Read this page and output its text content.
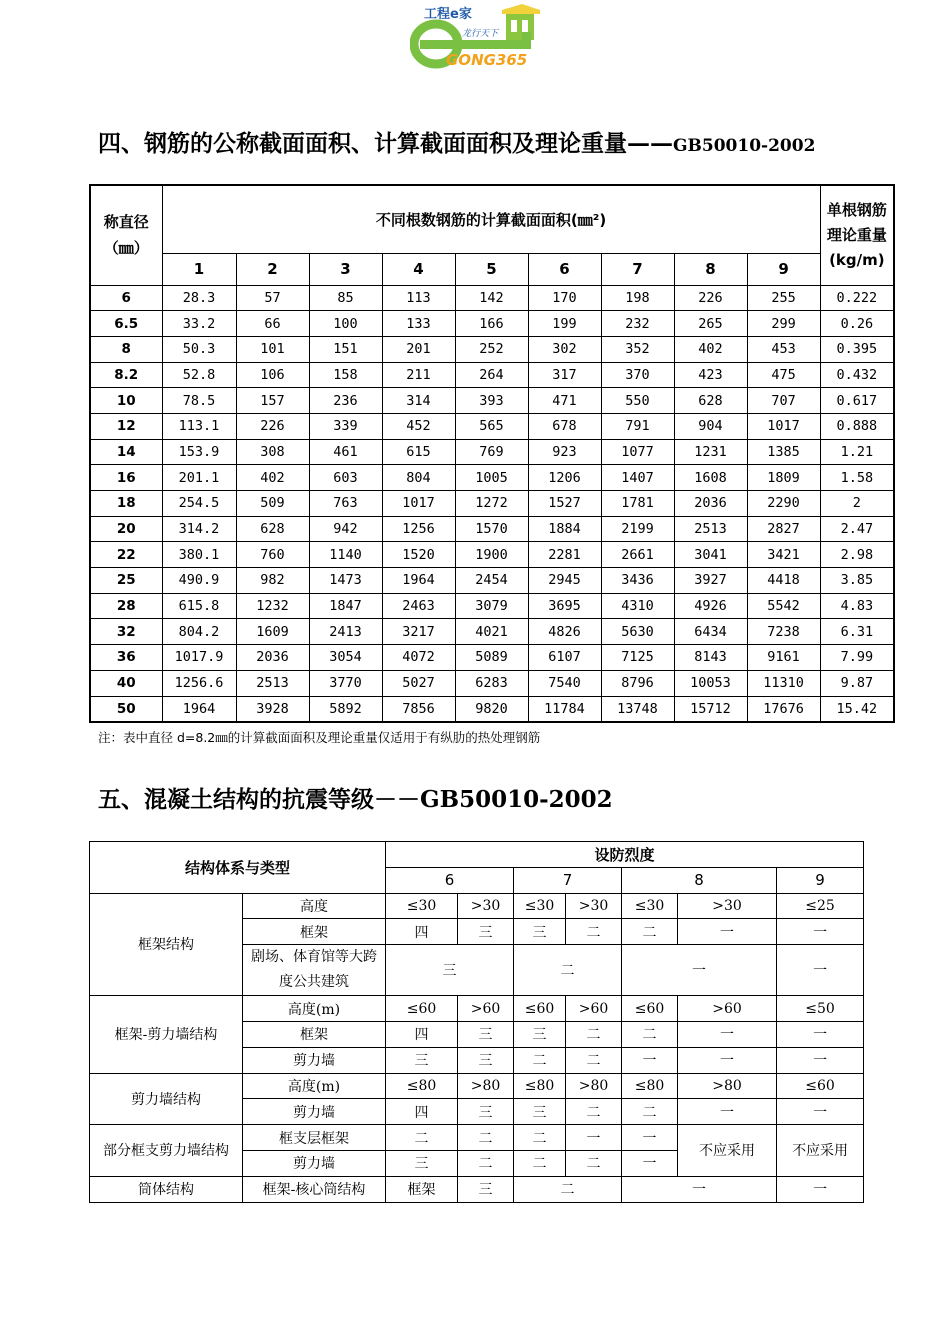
工程e家
龙行天下
GONG365
四、钢筋的公称截面面积、计算截面面积及理论重量——GB50010-2002
称直径（㎜）	不同根数钢筋的计算截面面积(㎜²)									单根钢筋理论重量(kg/m)
	1	2	3	4	5	6	7	8	9	
6	28.3	57	85	113	142	170	198	226	255	0.222
6.5	33.2	66	100	133	166	199	232	265	299	0.26
8	50.3	101	151	201	252	302	352	402	453	0.395
8.2	52.8	106	158	211	264	317	370	423	475	0.432
10	78.5	157	236	314	393	471	550	628	707	0.617
12	113.1	226	339	452	565	678	791	904	1017	0.888
14	153.9	308	461	615	769	923	1077	1231	1385	1.21
16	201.1	402	603	804	1005	1206	1407	1608	1809	1.58
18	254.5	509	763	1017	1272	1527	1781	2036	2290	2
20	314.2	628	942	1256	1570	1884	2199	2513	2827	2.47
22	380.1	760	1140	1520	1900	2281	2661	3041	3421	2.98
25	490.9	982	1473	1964	2454	2945	3436	3927	4418	3.85
28	615.8	1232	1847	2463	3079	3695	4310	4926	5542	4.83
32	804.2	1609	2413	3217	4021	4826	5630	6434	7238	6.31
36	1017.9	2036	3054	4072	5089	6107	7125	8143	9161	7.99
40	1256.6	2513	3770	5027	6283	7540	8796	10053	11310	9.87
50	1964	3928	5892	7856	9820	11784	13748	15712	17676	15.42
注：表中直径 d=8.2㎜的计算截面面积及理论重量仅适用于有纵肋的热处理钢筋
五、混凝土结构的抗震等级－－GB50010-2002
结构体系与类型		设防烈度						
		6		7		8		9
框架结构	高度	≤30	>30	≤30	>30	≤30	>30	≤25
	框架	四	三	三	二	二	一	一
	剧场、体育馆等大跨度公共建筑	三		二		一		一
框架-剪力墙结构	高度(m)	≤60	>60	≤60	>60	≤60	>60	≤50
	框架	四	三	三	二	二	一	一
	剪力墙	三	三	二	二	一	一	一
剪力墙结构	高度(m)	≤80	>80	≤80	>80	≤80	>80	≤60
	剪力墙	四	三	三	二	二	一	一
部分框支剪力墙结构	框支层框架	二	二	二	一	一	不应采用	不应采用
	剪力墙	三	二	二	二	一		
筒体结构	框架-核心筒结构	框架	三	二		一		一
